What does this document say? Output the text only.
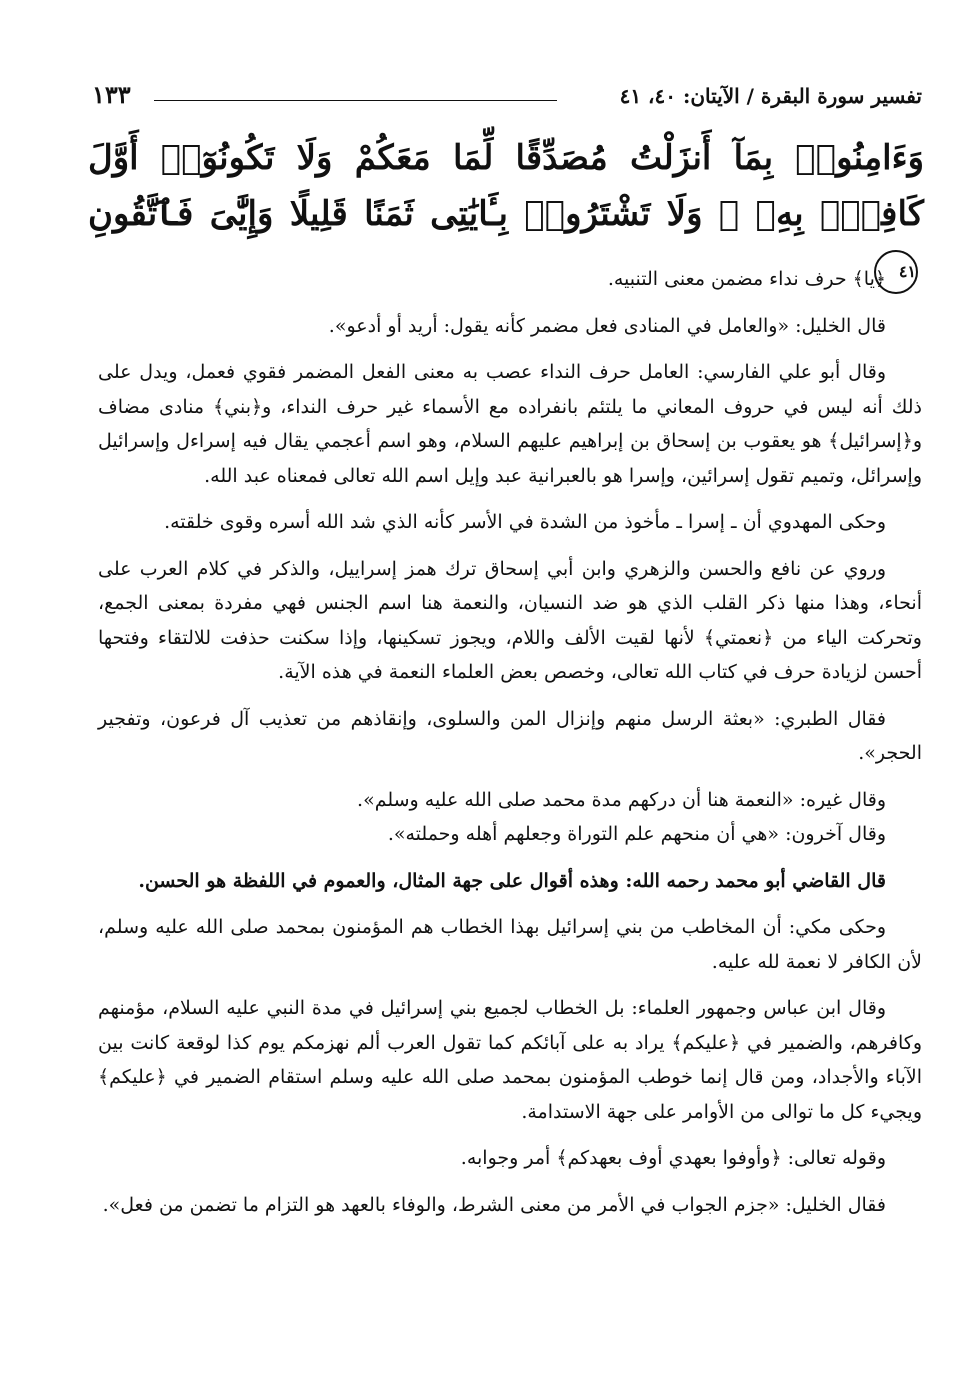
تفسير سورة البقرة / الآيتان: ٤٠، ٤١
١٣٣
وَءَامِنُوا۟ بِمَآ أَنزَلْتُ مُصَدِّقًا لِّمَا مَعَكُمْ وَلَا تَكُونُوٓا۟ أَوَّلَ كَافِرٍۭ بِهِۦ ۖ وَلَا تَشْتَرُوا۟ بِـَٔايَٰتِى ثَمَنًا قَلِيلًا وَإِيَّٰىَ فَٱتَّقُونِ ٤١

﴿يا﴾ حرف نداء مضمن معنى التنبيه.

قال الخليل: «والعامل في المنادى فعل مضمر كأنه يقول: أريد أو أدعو».

وقال أبو علي الفارسي: العامل حرف النداء عصب به معنى الفعل المضمر فقوي فعمل، ويدل على ذلك أنه ليس في حروف المعاني ما يلتئم بانفراده مع الأسماء غير حرف النداء، و﴿بني﴾ منادى مضاف و﴿إسرائيل﴾ هو يعقوب بن إسحاق بن إبراهيم عليهم السلام، وهو اسم أعجمي يقال فيه إسراءل وإسرائيل وإسرائل، وتميم تقول إسرائين، وإسرا هو بالعبرانية عبد وإيل اسم الله تعالى فمعناه عبد الله.

وحكى المهدوي أن ـ إسرا ـ مأخوذ من الشدة في الأسر كأنه الذي شد الله أسره وقوى خلقته.

وروي عن نافع والحسن والزهري وابن أبي إسحاق ترك همز إسراييل، والذكر في كلام العرب على أنحاء، وهذا منها ذكر القلب الذي هو ضد النسيان، والنعمة هنا اسم الجنس فهي مفردة بمعنى الجمع، وتحركت الياء من ﴿نعمتي﴾ لأنها لقيت الألف واللام، ويجوز تسكينها، وإذا سكنت حذفت للالتقاء وفتحها أحسن لزيادة حرف في كتاب الله تعالى، وخصص بعض العلماء النعمة في هذه الآية.

فقال الطبري: «بعثة الرسل منهم وإنزال المن والسلوى، وإنقاذهم من تعذيب آل فرعون، وتفجير الحجر».

وقال غيره: «النعمة هنا أن دركهم مدة محمد صلى الله عليه وسلم».

وقال آخرون: «هي أن منحهم علم التوراة وجعلهم أهله وحملته».

قال القاضي أبو محمد رحمه الله: وهذه أقوال على جهة المثال، والعموم في اللفظة هو الحسن.

وحكى مكي: أن المخاطب من بني إسرائيل بهذا الخطاب هم المؤمنون بمحمد صلى الله عليه وسلم، لأن الكافر لا نعمة لله عليه.

وقال ابن عباس وجمهور العلماء: بل الخطاب لجميع بني إسرائيل في مدة النبي عليه السلام، مؤمنهم وكافرهم، والضمير في ﴿عليكم﴾ يراد به على آبائكم كما تقول العرب ألم نهزمكم يوم كذا لوقعة كانت بين الآباء والأجداد، ومن قال إنما خوطب المؤمنون بمحمد صلى الله عليه وسلم استقام الضمير في ﴿عليكم﴾ ويجيء كل ما توالى من الأوامر على جهة الاستدامة.

وقوله تعالى: ﴿وأوفوا بعهدي أوف بعهدكم﴾ أمر وجوابه.

فقال الخليل: «جزم الجواب في الأمر من معنى الشرط، والوفاء بالعهد هو التزام ما تضمن من فعل».
